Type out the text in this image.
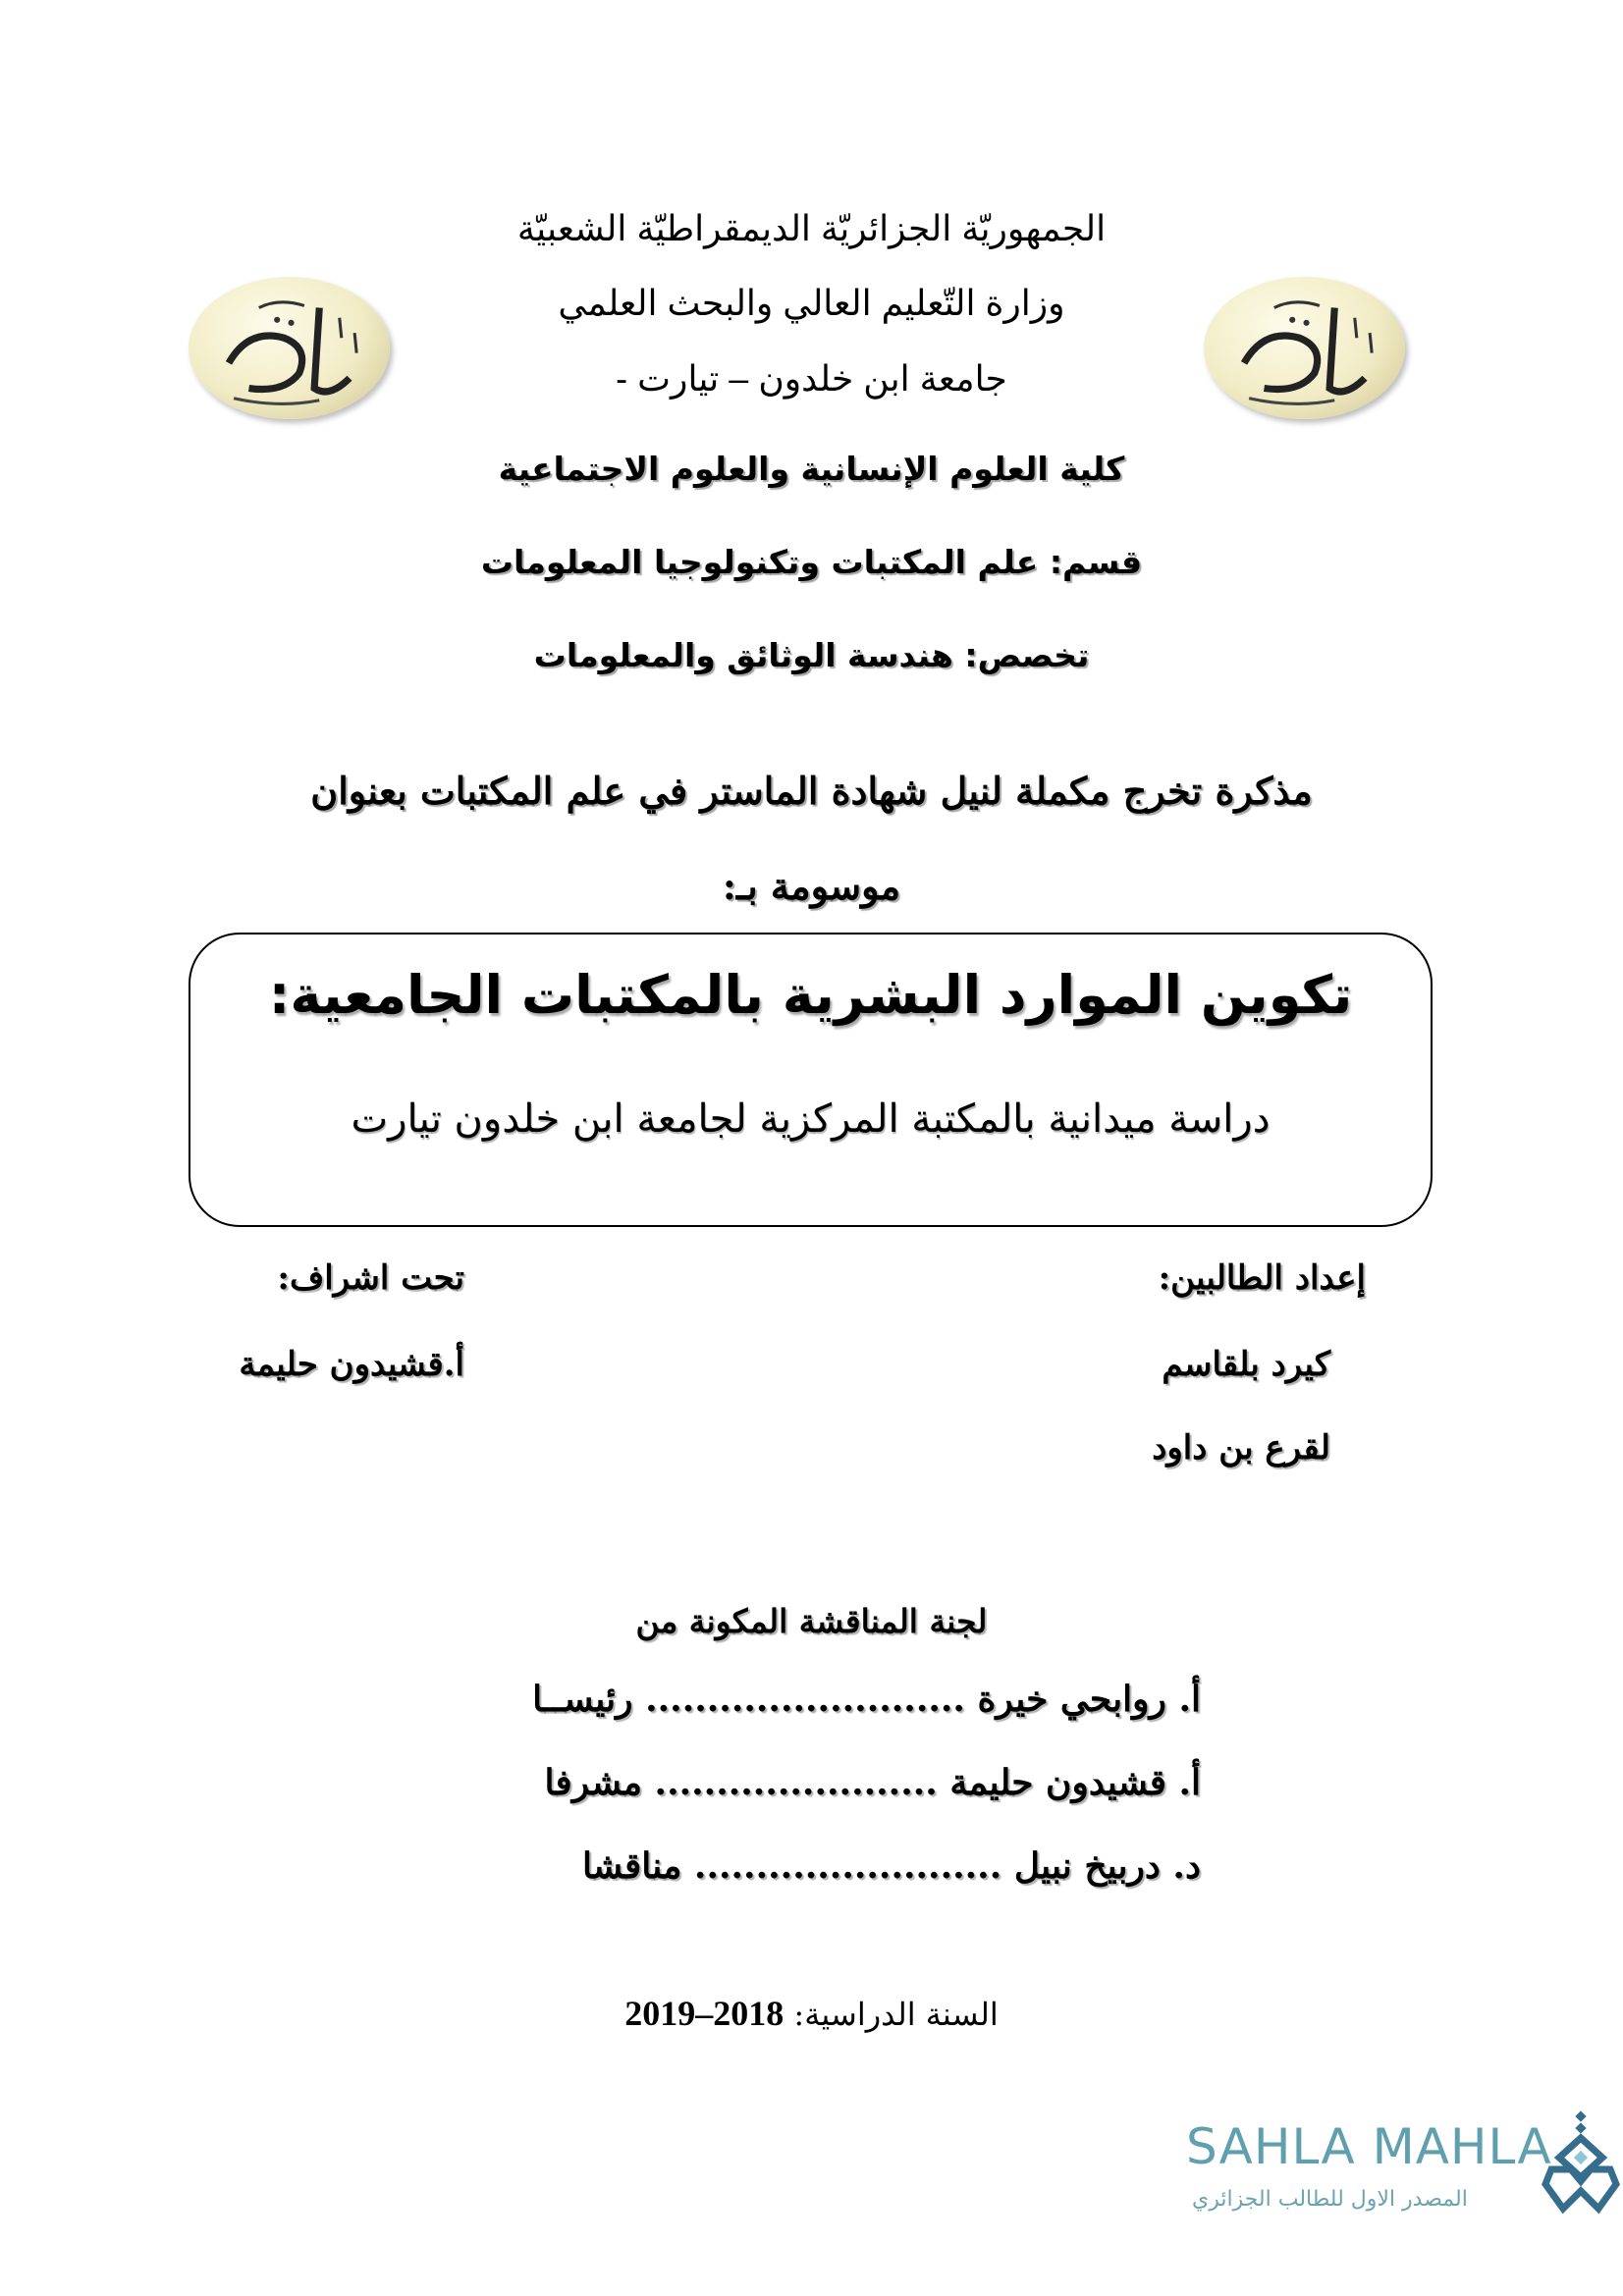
الجمهوريّة الجزائريّة الديمقراطيّة الشعبيّة
وزارة التّعليم العالي والبحث العلمي
جامعة ابن خلدون – تيارت -
كلية العلوم الإنسانية والعلوم الاجتماعية
قسم: علم المكتبات وتكنولوجيا المعلومات
تخصص: هندسة الوثائق والمعلومات
مذكرة تخرج مكملة لنيل شهادة الماستر في علم المكتبات بعنوان
موسومة بـ:
تكوين الموارد البشرية بالمكتبات الجامعية:
دراسة ميدانية بالمكتبة المركزية لجامعة ابن خلدون تيارت
إعداد الطالبين:
كيرد بلقاسم
لقرع بن داود
تحت اشراف:
أ.قشيدون حليمة
لجنة المناقشة المكونة من
أ. روابحي خيرة .......................... رئيســا
أ. قشيدون حليمة ....................... مشرفا
د. دربيخ نبيل ......................... مناقشا
السنة الدراسية: 2018–2019
SAHLA MAHLA
المصدر الاول للطالب الجزائري
